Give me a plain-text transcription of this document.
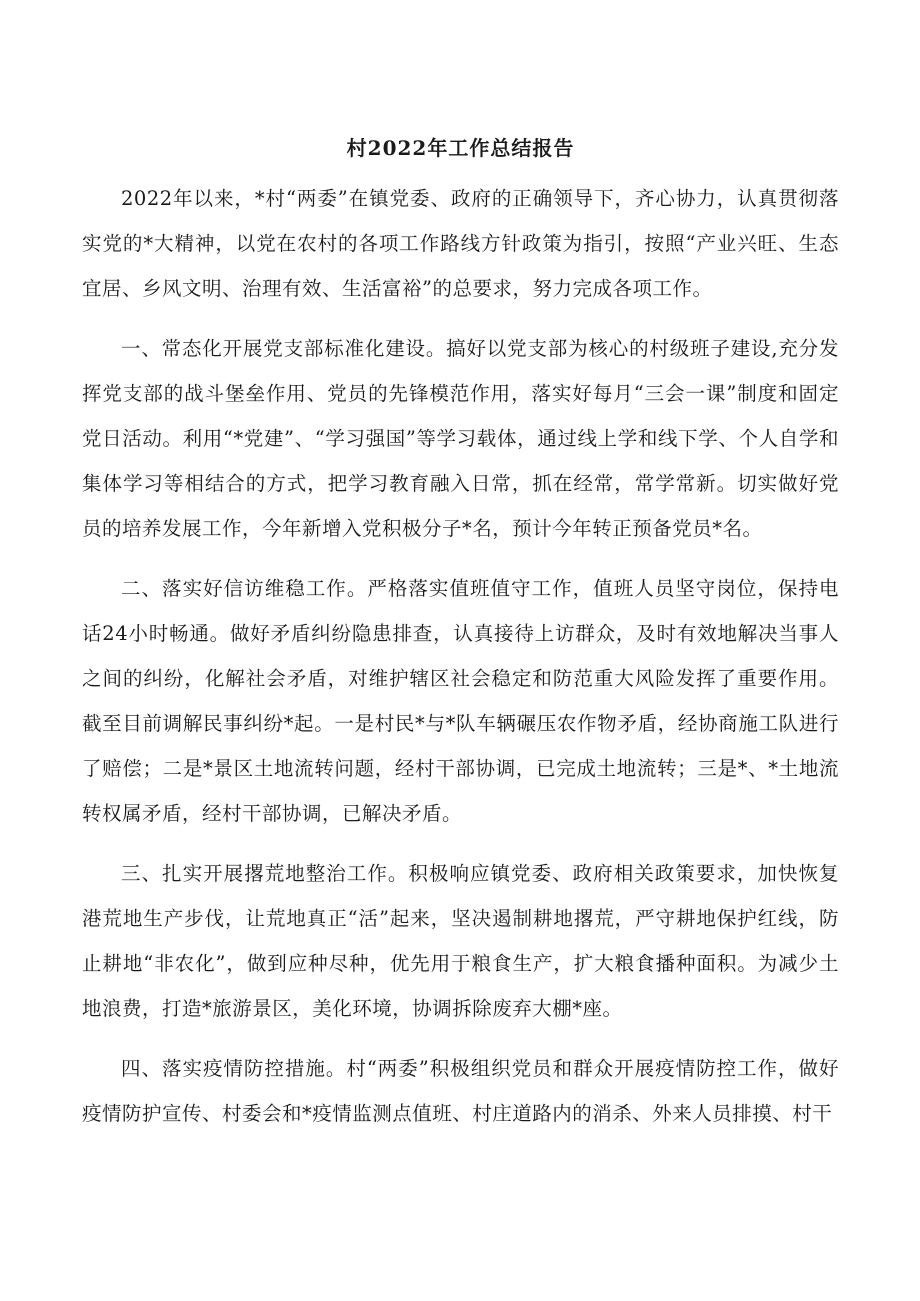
村2022年工作总结报告

2022年以来，*村“两委”在镇党委、政府的正确领导下，齐心协力，认真贯彻落实党的*大精神，以党在农村的各项工作路线方针政策为指引，按照“产业兴旺、生态宜居、乡风文明、治理有效、生活富裕”的总要求，努力完成各项工作。

一、常态化开展党支部标准化建设。搞好以党支部为核心的村级班子建设,充分发挥党支部的战斗堡垒作用、党员的先锋模范作用，落实好每月“三会一课”制度和固定党日活动。利用“*党建”、“学习强国”等学习载体，通过线上学和线下学、个人自学和集体学习等相结合的方式，把学习教育融入日常，抓在经常，常学常新。切实做好党员的培养发展工作，今年新增入党积极分子*名，预计今年转正预备党员*名。

二、落实好信访维稳工作。严格落实值班值守工作，值班人员坚守岗位，保持电话24小时畅通。做好矛盾纠纷隐患排查，认真接待上访群众，及时有效地解决当事人之间的纠纷，化解社会矛盾，对维护辖区社会稳定和防范重大风险发挥了重要作用。截至目前调解民事纠纷*起。一是村民*与*队车辆碾压农作物矛盾，经协商施工队进行了赔偿；二是*景区土地流转问题，经村干部协调，已完成土地流转；三是*、*土地流转权属矛盾，经村干部协调，已解决矛盾。

三、扎实开展撂荒地整治工作。积极响应镇党委、政府相关政策要求，加快恢复港荒地生产步伐，让荒地真正“活”起来，坚决遏制耕地撂荒，严守耕地保护红线，防止耕地“非农化”，做到应种尽种，优先用于粮食生产，扩大粮食播种面积。为减少土地浪费，打造*旅游景区，美化环境，协调拆除废弃大棚*座。

四、落实疫情防控措施。村“两委”积极组织党员和群众开展疫情防控工作，做好疫情防护宣传、村委会和*疫情监测点值班、村庄道路内的消杀、外来人员排摸、村干
